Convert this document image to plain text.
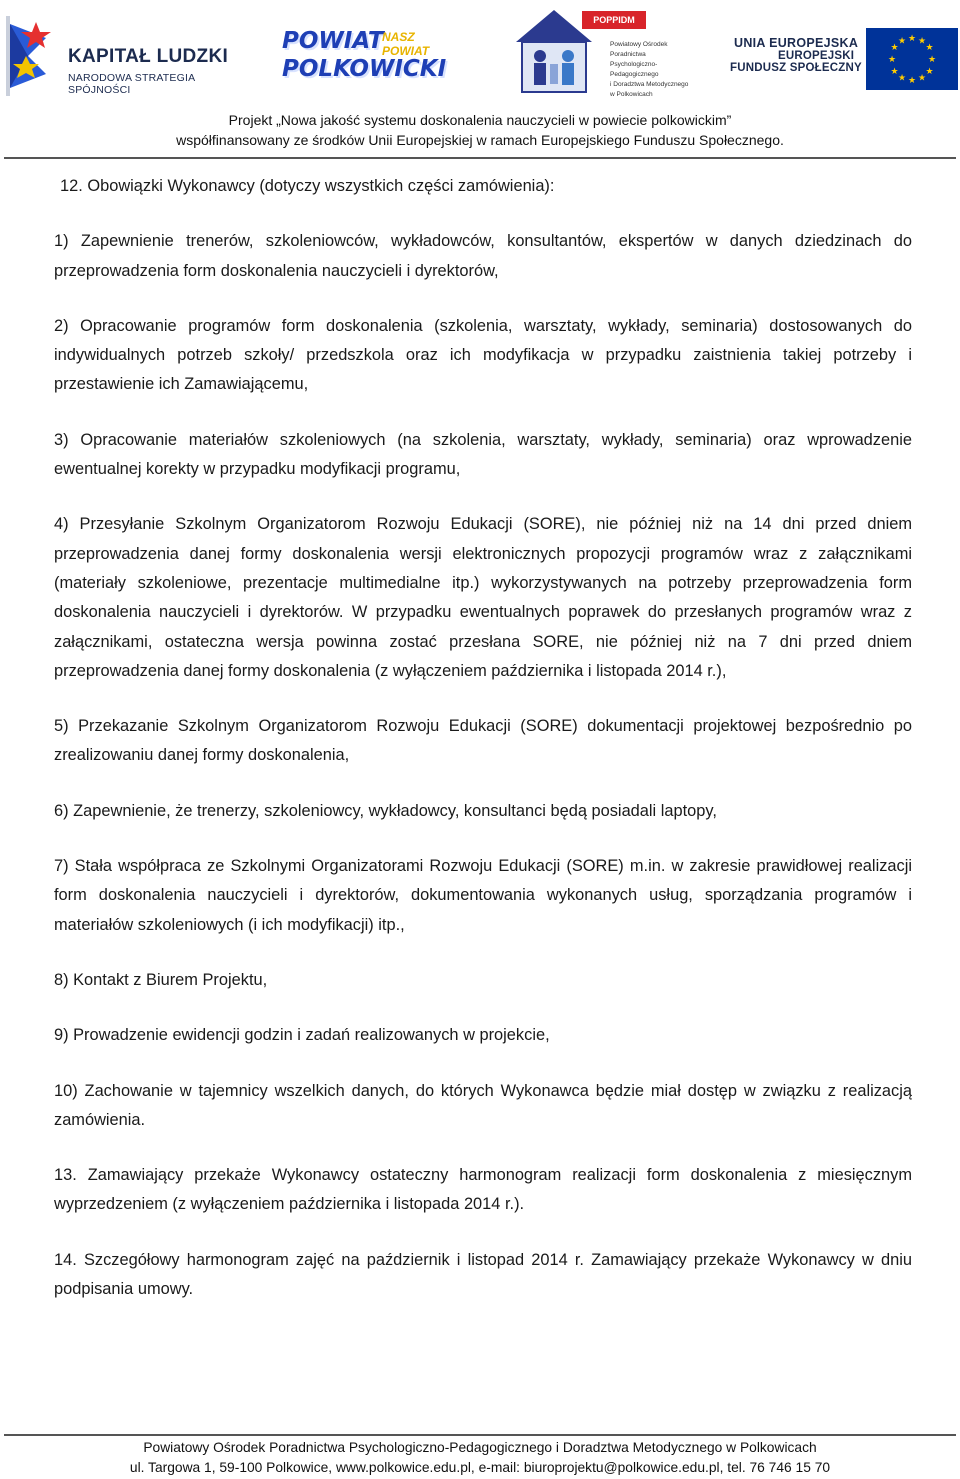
KAPITAŁ LUDZKI
NARODOWA STRATEGIA SPÓJNOŚCI
POWIAT
POLKOWICKI
NASZ
POWIAT
POPPIDM
Powiatowy Ośrodek Poradnictwa
Psychologiczno-Pedagogicznego
i Doradztwa Metodycznego
w Polkowicach
UNIA EUROPEJSKA
EUROPEJSKI
FUNDUSZ SPOŁECZNY
★ ★
★
★
★
★
★
★
★
★
★
★
Projekt „Nowa jakość systemu doskonalenia nauczycieli w powiecie polkowickim”
współfinansowany ze środków Unii Europejskiej w ramach Europejskiego Funduszu Społecznego.

12. Obowiązki Wykonawcy (dotyczy wszystkich części zamówienia):

1) Zapewnienie trenerów, szkoleniowców, wykładowców, konsultantów, ekspertów w danych dziedzinach do przeprowadzenia form doskonalenia nauczycieli i dyrektorów,

2) Opracowanie programów form doskonalenia (szkolenia, warsztaty, wykłady, seminaria) dostosowanych do indywidualnych potrzeb szkoły/ przedszkola oraz ich modyfikacja w przypadku zaistnienia takiej potrzeby i przestawienie ich Zamawiającemu,

3) Opracowanie materiałów szkoleniowych (na szkolenia, warsztaty, wykłady, seminaria) oraz wprowadzenie ewentualnej korekty w przypadku modyfikacji programu,

4) Przesyłanie Szkolnym Organizatorom Rozwoju Edukacji (SORE), nie później niż na 14 dni przed dniem przeprowadzenia danej formy doskonalenia wersji elektronicznych propozycji programów wraz z załącznikami (materiały szkoleniowe, prezentacje multimedialne itp.) wykorzystywanych na potrzeby przeprowadzenia form doskonalenia nauczycieli i dyrektorów. W przypadku ewentualnych poprawek do przesłanych programów wraz z załącznikami, ostateczna wersja powinna zostać przesłana SORE, nie później niż na 7 dni przed dniem przeprowadzenia danej formy doskonalenia (z wyłączeniem października i listopada 2014 r.),

5) Przekazanie Szkolnym Organizatorom Rozwoju Edukacji (SORE) dokumentacji projektowej bezpośrednio po zrealizowaniu danej formy doskonalenia,

6) Zapewnienie, że trenerzy, szkoleniowcy, wykładowcy, konsultanci będą posiadali laptopy,

7) Stała współpraca ze Szkolnymi Organizatorami Rozwoju Edukacji (SORE) m.in. w zakresie prawidłowej realizacji form doskonalenia nauczycieli i dyrektorów, dokumentowania wykonanych usług, sporządzania programów i materiałów szkoleniowych (i ich modyfikacji) itp.,

8) Kontakt z Biurem Projektu,

9) Prowadzenie ewidencji godzin i zadań realizowanych w projekcie,

10) Zachowanie w tajemnicy wszelkich danych, do których Wykonawca będzie miał dostęp w związku z realizacją zamówienia.

13. Zamawiający przekaże Wykonawcy ostateczny harmonogram realizacji form doskonalenia z miesięcznym wyprzedzeniem (z wyłączeniem października i listopada 2014 r.).

14. Szczegółowy harmonogram zajęć na październik i listopad 2014 r. Zamawiający przekaże Wykonawcy w dniu podpisania umowy.

Powiatowy Ośrodek Poradnictwa Psychologiczno-Pedagogicznego i Doradztwa Metodycznego w Polkowicach
ul. Targowa 1, 59-100 Polkowice, www.polkowice.edu.pl, e-mail: biuroprojektu@polkowice.edu.pl, tel. 76 746 15 70
